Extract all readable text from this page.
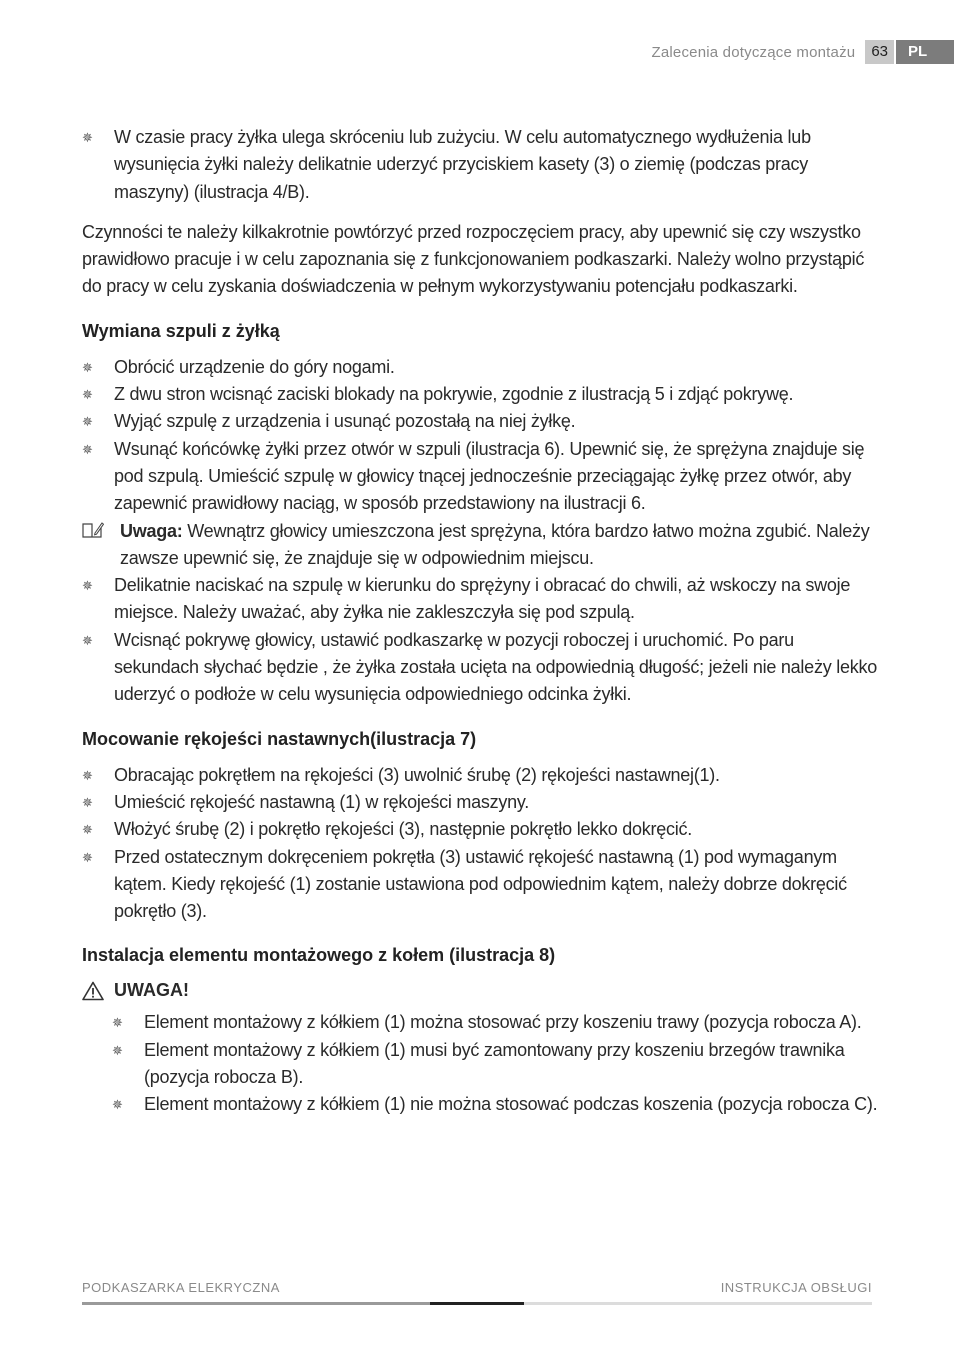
Zalecenia dotyczące montażu	63	PL
✵ W czasie pracy żyłka ulega skróceniu lub zużyciu. W celu automatycznego wydłużenia lub wysunięcia żyłki należy delikatnie uderzyć przyciskiem kasety (3) o ziemię (podczas pracy maszyny) (ilustracja 4/B).

Czynności te należy kilkakrotnie powtórzyć przed rozpoczęciem pracy, aby upewnić się czy wszystko prawidłowo pracuje i w celu zapoznania się z funkcjonowaniem podkaszarki. Należy wolno przystąpić do pracy w celu zyskania doświadczenia w pełnym wykorzystywaniu potencjału podkaszarki.

Wymiana szpuli z żyłką
✵ Obrócić urządzenie do góry nogami.
✵ Z dwu stron wcisnąć zaciski blokady na pokrywie, zgodnie z ilustracją 5 i zdjąć pokrywę.
✵ Wyjąć szpulę z urządzenia i usunąć pozostałą na niej żyłkę.
✵ Wsunąć końcówkę żyłki przez otwór w szpuli (ilustracja 6). Upewnić się, że sprężyna znajduje się pod szpulą. Umieścić szpulę w głowicy tnącej jednocześnie przeciągając żyłkę przez otwór, aby zapewnić prawidłowy naciąg, w sposób przedstawiony na ilustracji 6.

Uwaga: Wewnątrz głowicy umieszczona jest sprężyna, która bardzo łatwo można zgubić. Należy zawsze upewnić się, że znajduje się w odpowiednim miejscu.

✵ Delikatnie naciskać na szpulę w kierunku do sprężyny i obracać do chwili, aż wskoczy na swoje miejsce. Należy uważać, aby żyłka nie zakleszczyła się pod szpulą.
✵ Wcisnąć pokrywę głowicy, ustawić podkaszarkę w pozycji roboczej i uruchomić. Po paru sekundach słychać będzie , że żyłka została ucięta na odpowiednią długość; jeżeli nie należy lekko uderzyć o podłoże w celu wysunięcia odpowiedniego odcinka żyłki.
Mocowanie rękojeści nastawnych(ilustracja 7)
✵ Obracając pokrętłem na rękojeści (3) uwolnić śrubę (2) rękojeści nastawnej(1).
✵ Umieścić rękojeść nastawną (1) w rękojeści maszyny.
✵ Włożyć śrubę (2) i pokrętło rękojeści (3), następnie pokrętło lekko dokręcić.
✵ Przed ostatecznym dokręceniem pokrętła (3) ustawić rękojeść nastawną (1) pod wymaganym kątem. Kiedy rękojeść (1) zostanie ustawiona pod odpowiednim kątem, należy dobrze dokręcić pokrętło (3).
Instalacja elementu montażowego z kołem (ilustracja 8)
UWAGA!
✵ Element montażowy z kółkiem (1) można stosować przy koszeniu trawy (pozycja robocza A).
✵ Element montażowy z kółkiem (1) musi być zamontowany przy koszeniu brzegów trawnika (pozycja robocza B).
✵ Element montażowy z kółkiem (1) nie można stosować podczas koszenia (pozycja robocza C).
PODKASZARKA ELEKRYCZNA	INSTRUKCJA OBSŁUGI
